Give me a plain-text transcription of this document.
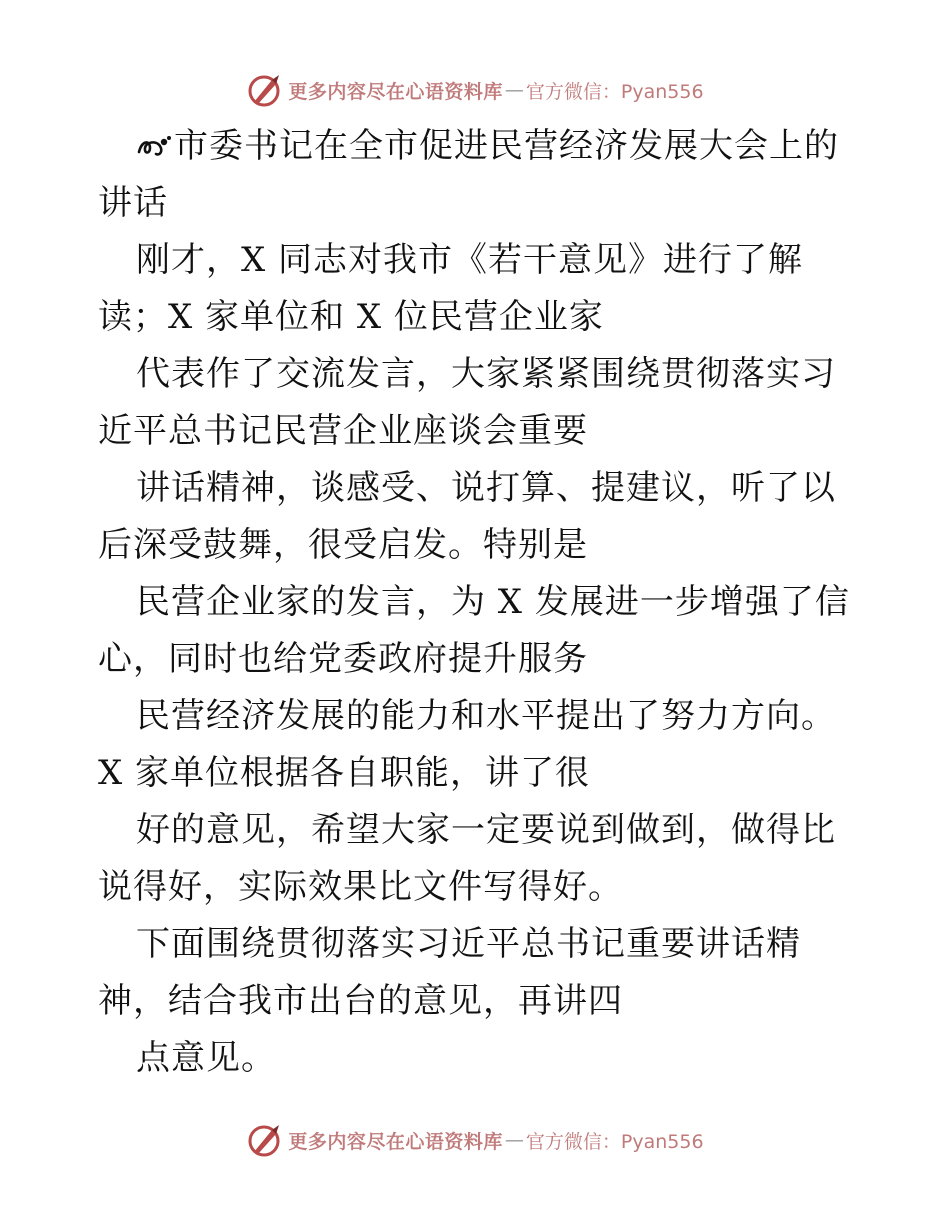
更多内容尽在心语资料库 — 官方微信：Pyan556

市委书记在全市促进民营经济发展大会上的讲话

刚才，X 同志对我市《若干意见》进行了解读；X 家单位和 X 位民营企业家

代表作了交流发言，大家紧紧围绕贯彻落实习近平总书记民营企业座谈会重要

讲话精神，谈感受、说打算、提建议，听了以后深受鼓舞，很受启发。特别是

民营企业家的发言，为 X 发展进一步增强了信心，同时也给党委政府提升服务

民营经济发展的能力和水平提出了努力方向。X 家单位根据各自职能，讲了很

好的意见，希望大家一定要说到做到，做得比说得好，实际效果比文件写得好。

下面围绕贯彻落实习近平总书记重要讲话精神，结合我市出台的意见，再讲四

点意见。

更多内容尽在心语资料库 — 官方微信：Pyan556
